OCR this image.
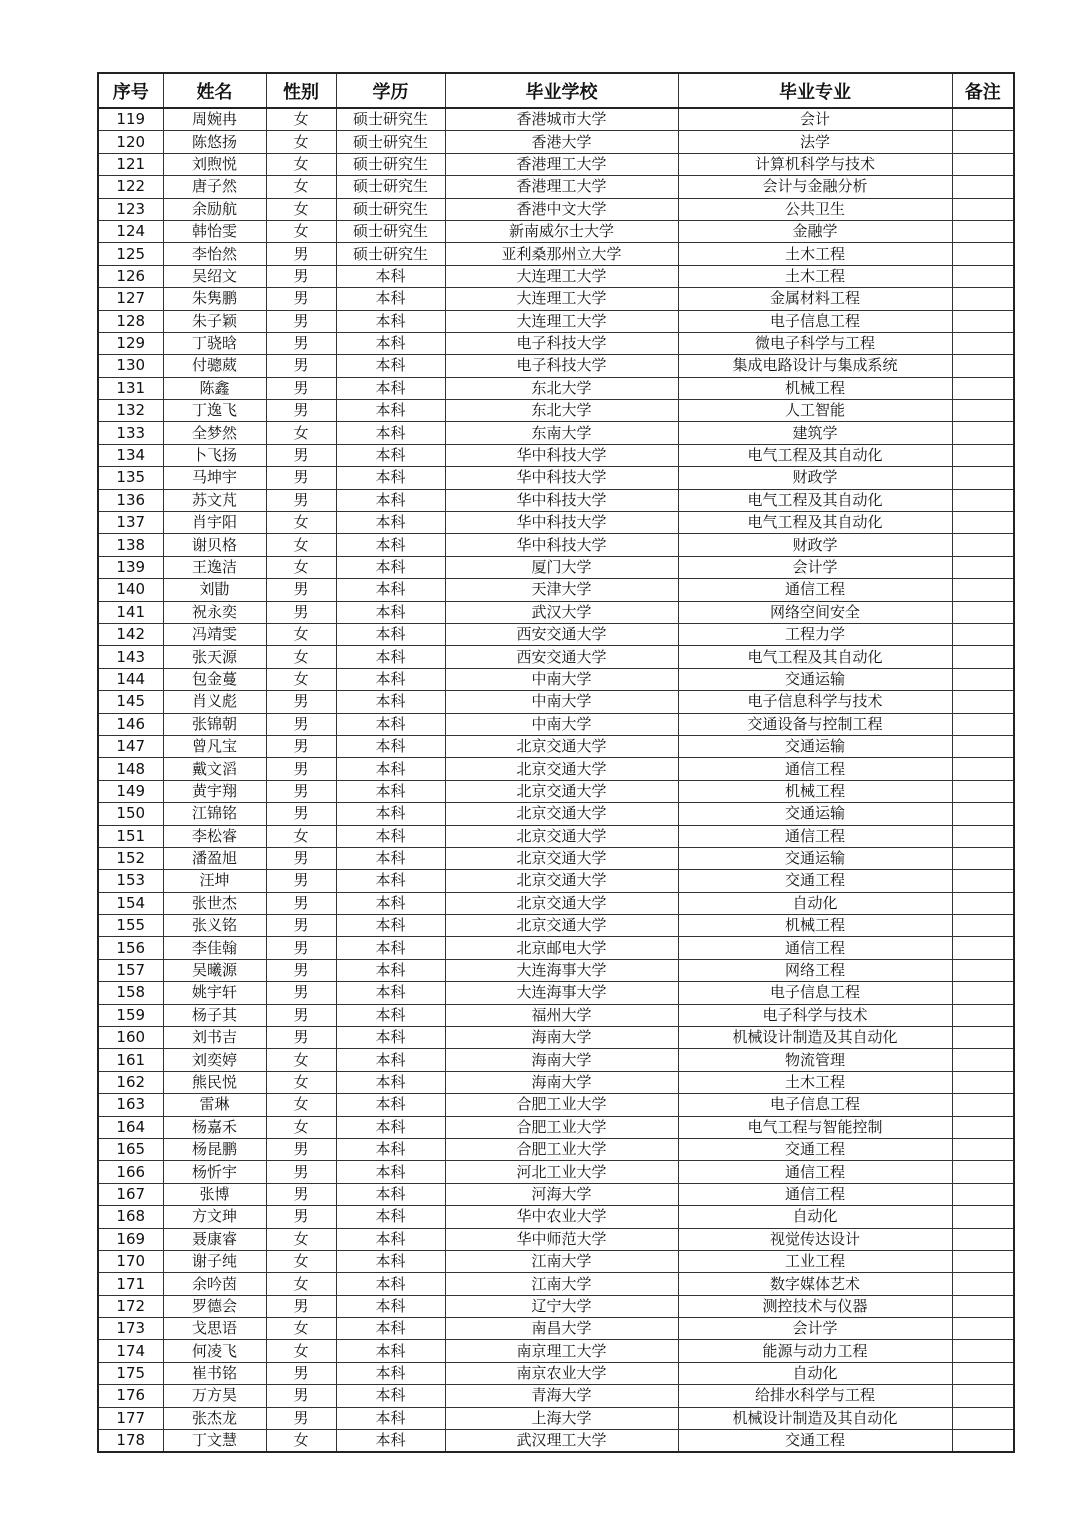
序号	姓名	性别	学历	毕业学校	毕业专业	备注
119	周婉冉	女	硕士研究生	香港城市大学	会计	
120	陈悠扬	女	硕士研究生	香港大学	法学	
121	刘煦悦	女	硕士研究生	香港理工大学	计算机科学与技术	
122	唐子然	女	硕士研究生	香港理工大学	会计与金融分析	
123	余励航	女	硕士研究生	香港中文大学	公共卫生	
124	韩怡雯	女	硕士研究生	新南威尔士大学	金融学	
125	李怡然	男	硕士研究生	亚利桑那州立大学	土木工程	
126	吴绍文	男	本科	大连理工大学	土木工程	
127	朱隽鹏	男	本科	大连理工大学	金属材料工程	
128	朱子颖	男	本科	大连理工大学	电子信息工程	
129	丁骁晗	男	本科	电子科技大学	微电子科学与工程	
130	付骢葳	男	本科	电子科技大学	集成电路设计与集成系统	
131	陈鑫	男	本科	东北大学	机械工程	
132	丁逸飞	男	本科	东北大学	人工智能	
133	全梦然	女	本科	东南大学	建筑学	
134	卜飞扬	男	本科	华中科技大学	电气工程及其自动化	
135	马坤宇	男	本科	华中科技大学	财政学	
136	苏文芃	男	本科	华中科技大学	电气工程及其自动化	
137	肖宇阳	女	本科	华中科技大学	电气工程及其自动化	
138	谢贝格	女	本科	华中科技大学	财政学	
139	王逸洁	女	本科	厦门大学	会计学	
140	刘勖	男	本科	天津大学	通信工程	
141	祝永奕	男	本科	武汉大学	网络空间安全	
142	冯靖雯	女	本科	西安交通大学	工程力学	
143	张天源	女	本科	西安交通大学	电气工程及其自动化	
144	包金蔓	女	本科	中南大学	交通运输	
145	肖义彪	男	本科	中南大学	电子信息科学与技术	
146	张锦朝	男	本科	中南大学	交通设备与控制工程	
147	曾凡宝	男	本科	北京交通大学	交通运输	
148	戴文滔	男	本科	北京交通大学	通信工程	
149	黄宇翔	男	本科	北京交通大学	机械工程	
150	江锦铭	男	本科	北京交通大学	交通运输	
151	李松睿	女	本科	北京交通大学	通信工程	
152	潘盈旭	男	本科	北京交通大学	交通运输	
153	汪坤	男	本科	北京交通大学	交通工程	
154	张世杰	男	本科	北京交通大学	自动化	
155	张义铭	男	本科	北京交通大学	机械工程	
156	李佳翰	男	本科	北京邮电大学	通信工程	
157	吴曦源	男	本科	大连海事大学	网络工程	
158	姚宇轩	男	本科	大连海事大学	电子信息工程	
159	杨子其	男	本科	福州大学	电子科学与技术	
160	刘书吉	男	本科	海南大学	机械设计制造及其自动化	
161	刘奕婷	女	本科	海南大学	物流管理	
162	熊民悦	女	本科	海南大学	土木工程	
163	雷琳	女	本科	合肥工业大学	电子信息工程	
164	杨嘉禾	女	本科	合肥工业大学	电气工程与智能控制	
165	杨昆鹏	男	本科	合肥工业大学	交通工程	
166	杨忻宇	男	本科	河北工业大学	通信工程	
167	张博	男	本科	河海大学	通信工程	
168	方文珅	男	本科	华中农业大学	自动化	
169	聂康睿	女	本科	华中师范大学	视觉传达设计	
170	谢子纯	女	本科	江南大学	工业工程	
171	余吟茵	女	本科	江南大学	数字媒体艺术	
172	罗德会	男	本科	辽宁大学	测控技术与仪器	
173	戈思语	女	本科	南昌大学	会计学	
174	何凌飞	女	本科	南京理工大学	能源与动力工程	
175	崔书铭	男	本科	南京农业大学	自动化	
176	万方昊	男	本科	青海大学	给排水科学与工程	
177	张杰龙	男	本科	上海大学	机械设计制造及其自动化	
178	丁文慧	女	本科	武汉理工大学	交通工程	
